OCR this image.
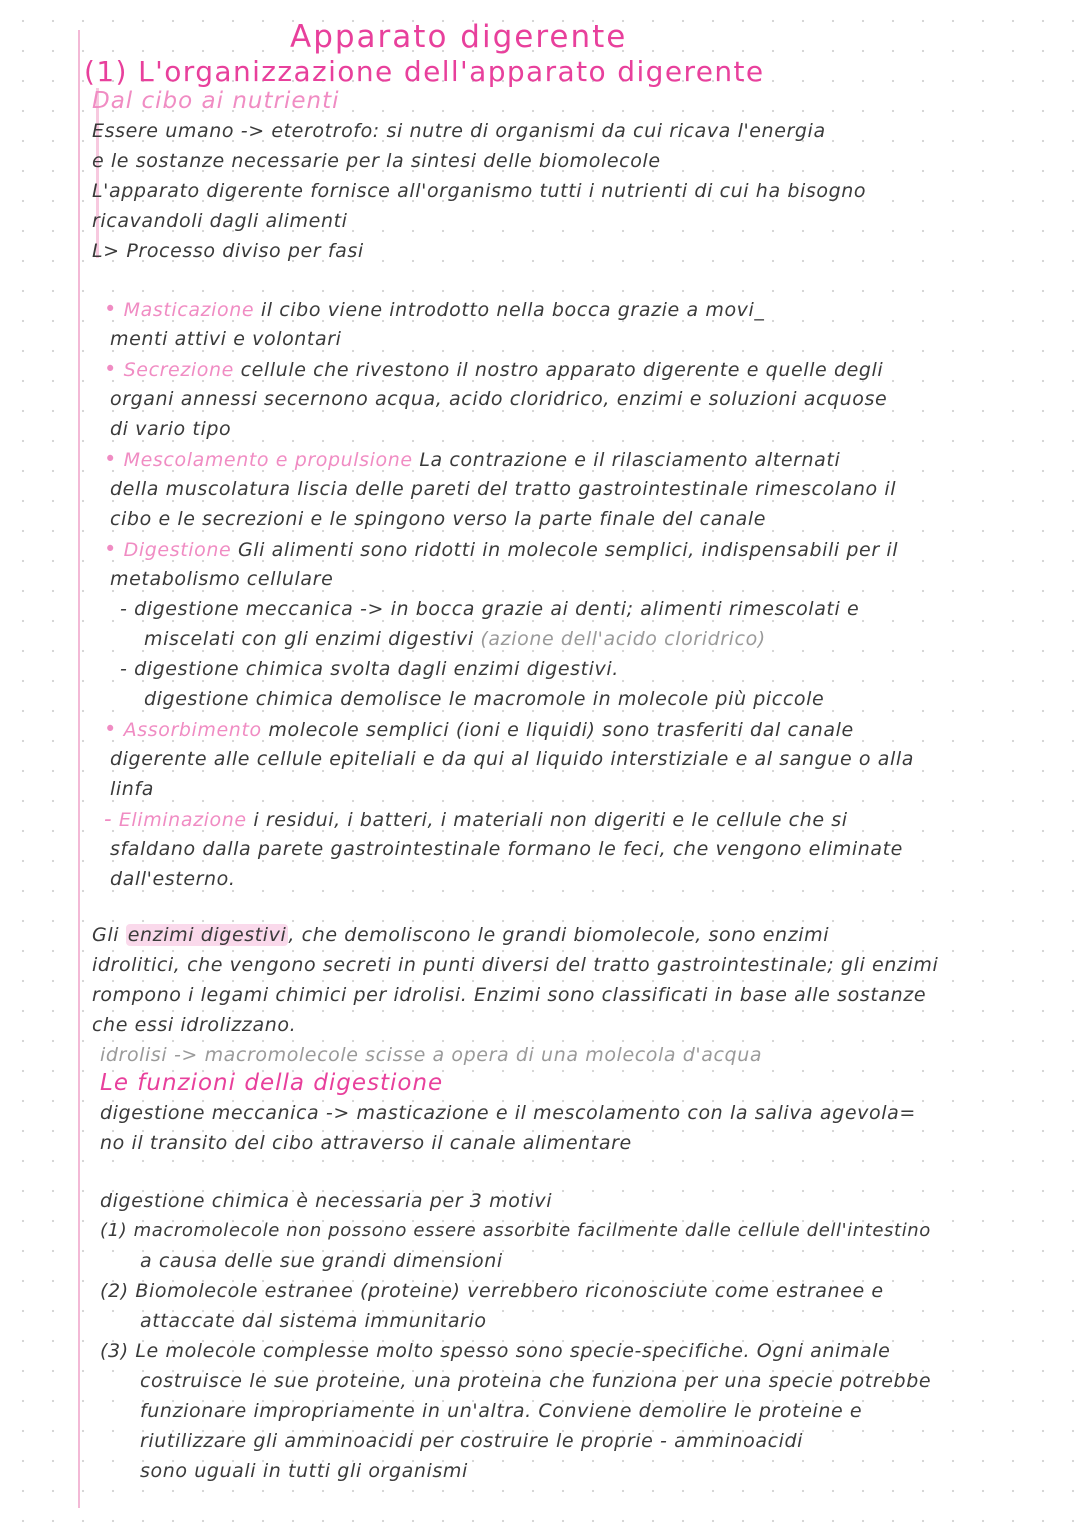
Apparato digerente
(1) L'organizzazione dell'apparato digerente
Dal cibo ai nutrienti
Essere umano -> eterotrofo: si nutre di organismi da cui ricava l'energia
e le sostanze necessarie per la sintesi delle biomolecole
L'apparato digerente fornisce all'organismo tutti i nutrienti di cui ha bisogno
ricavandoli dagli alimenti
L> Processo diviso per fasi
• Masticazione il cibo viene introdotto nella bocca grazie a movi_
menti attivi e volontari
• Secrezione cellule che rivestono il nostro apparato digerente e quelle degli
organi annessi secernono acqua, acido cloridrico, enzimi e soluzioni acquose
di vario tipo
• Mescolamento e propulsione La contrazione e il rilasciamento alternati
della muscolatura liscia delle pareti del tratto gastrointestinale rimescolano il
cibo e le secrezioni e le spingono verso la parte finale del canale
• Digestione Gli alimenti sono ridotti in molecole semplici, indispensabili per il
metabolismo cellulare
- digestione meccanica -> in bocca grazie ai denti; alimenti rimescolati e
miscelati con gli enzimi digestivi (azione dell'acido cloridrico)
- digestione chimica svolta dagli enzimi digestivi.
digestione chimica demolisce le macromole in molecole più piccole
• Assorbimento molecole semplici (ioni e liquidi) sono trasferiti dal canale
digerente alle cellule epiteliali e da qui al liquido interstiziale e al sangue o alla
linfa
- Eliminazione i residui, i batteri, i materiali non digeriti e le cellule che si
sfaldano dalla parete gastrointestinale formano le feci, che vengono eliminate
dall'esterno.
Gli enzimi digestivi , che demoliscono le grandi biomolecole, sono enzimi
idrolitici, che vengono secreti in punti diversi del tratto gastrointestinale; gli enzimi
rompono i legami chimici per idrolisi. Enzimi sono classificati in base alle sostanze
che essi idrolizzano.
idrolisi -> macromolecole scisse a opera di una molecola d'acqua
Le funzioni della digestione
digestione meccanica -> masticazione e il mescolamento con la saliva agevola=
no il transito del cibo attraverso il canale alimentare
digestione chimica è necessaria per 3 motivi
(1) macromolecole non possono essere assorbite facilmente dalle cellule dell'intestino
a causa delle sue grandi dimensioni
(2) Biomolecole estranee (proteine) verrebbero riconosciute come estranee e
attaccate dal sistema immunitario
(3) Le molecole complesse molto spesso sono specie-specifiche. Ogni animale
costruisce le sue proteine, una proteina che funziona per una specie potrebbe
funzionare impropriamente in un'altra. Conviene demolire le proteine e
riutilizzare gli amminoacidi per costruire le proprie - amminoacidi
sono uguali in tutti gli organismi
